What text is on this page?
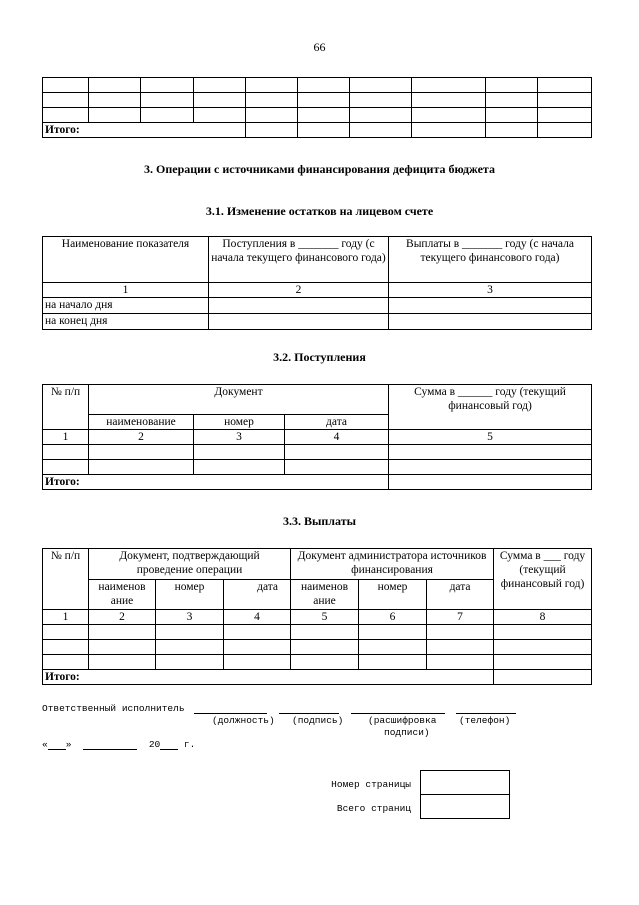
66

Итого:									
3. Операции с источниками финансирования дефицита бюджета
3.1. Изменение остатков на лицевом счете
Наименование показателя	Поступления в _______ году (с начала текущего финансового года)	Выплаты в _______ году (с начала текущего финансового года)
1	2	3
на начало дня		
на конец дня		
3.2. Поступления
№ п/п	Документ			Сумма в ______ году (текущий финансовый год)
	наименование	номер	дата	
1	2	3	4	5

Итого:				
3.3. Выплаты
№ п/п	Документ, подтверждающий проведение операции			Документ администратора источников финансирования			Сумма в ___ году (текущий финансовый год)
	наименов ание	номер	дата	наименов ание	номер	дата	
1	2	3	4	5	6	7	8

Итого:							
Ответственный исполнитель
(должность) (подпись)	(расшифровка
подписи)
(телефон)
« »	20 г.
Номер страницы
Всего страниц
